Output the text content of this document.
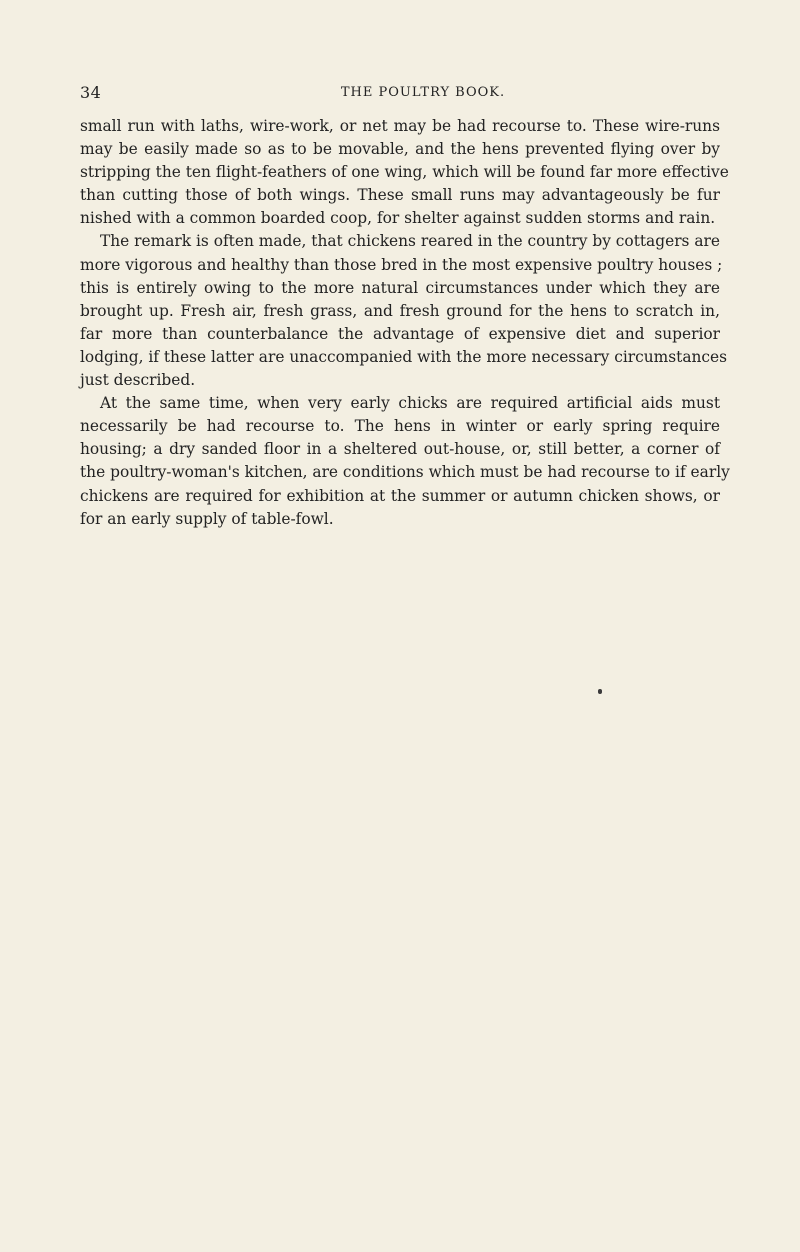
34	THE POULTRY BOOK.

small run with laths, wire-work, or net may be had recourse to. These wire-runs
may be easily made so as to be movable, and the hens prevented flying over by
stripping the ten flight-feathers of one wing, which will be found far more effective
than cutting those of both wings. These small runs may advantageously be fur
nished with a common boarded coop, for shelter against sudden storms and rain.

The remark is often made, that chickens reared in the country by cottagers are
more vigorous and healthy than those bred in the most expensive poultry houses ;
this is entirely owing to the more natural circumstances under which they are
brought up. Fresh air, fresh grass, and fresh ground for the hens to scratch in,
far more than counterbalance the advantage of expensive diet and superior
lodging, if these latter are unaccompanied with the more necessary circumstances
just described.

At the same time, when very early chicks are required artificial aids must
necessarily be had recourse to. The hens in winter or early spring require
housing; a dry sanded floor in a sheltered out-house, or, still better, a corner of
the poultry-woman's kitchen, are conditions which must be had recourse to if early
chickens are required for exhibition at the summer or autumn chicken shows, or
for an early supply of table-fowl.
